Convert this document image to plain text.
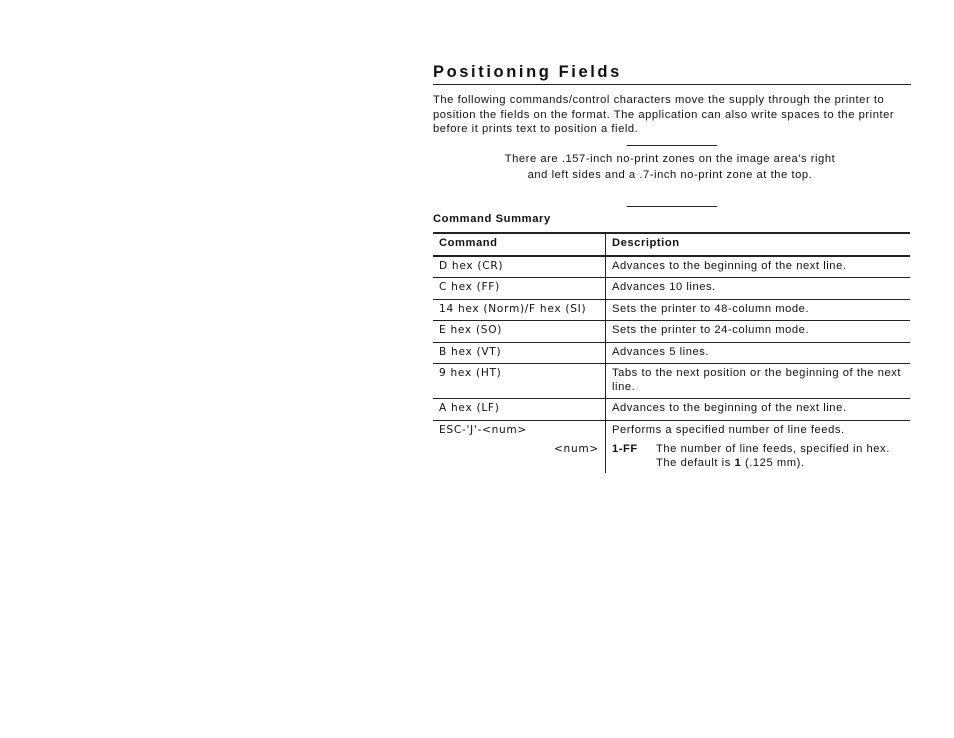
Positioning Fields

The following commands/control characters move the supply through the printer to position the fields on the format. The application can also write spaces to the printer before it prints text to position a field.

There are .157-inch no-print zones on the image area's right and left sides and a .7-inch no-print zone at the top.

Command Summary

Command	Description
D hex (CR)	Advances to the beginning of the next line.
C hex (FF)	Advances 10 lines.
14 hex (Norm)/F hex (SI)	Sets the printer to 48-column mode.
E hex (SO)	Sets the printer to 24-column mode.
B hex (VT)	Advances 5 lines.
9 hex (HT)	Tabs to the next position or the beginning of the next line.
A hex (LF)	Advances to the beginning of the next line.
ESC-'J'-<num>	Performs a specified number of line feeds.

<num>	1-FF The number of line feeds, specified in hex. The default is 1 (.125 mm).
